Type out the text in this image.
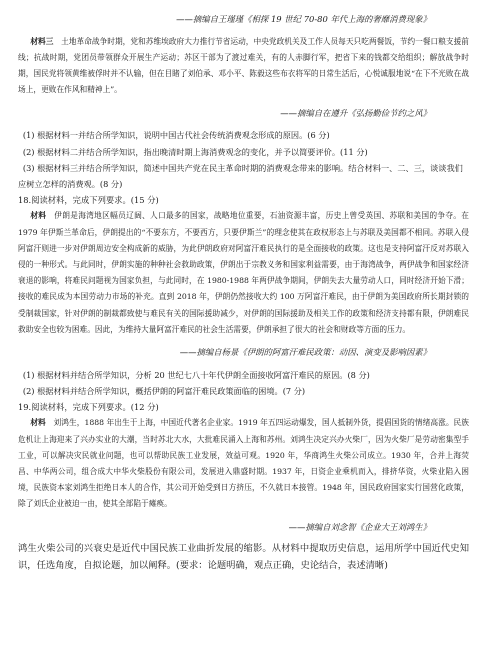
——摘编自王瑾瑾《相探 19 世纪 70-80 年代上海的奢靡消费现象》

材料三　土地革命战争时期，党和苏维埃政府大力推行节省运动，中央党政机关及工作人员每天只吃两餐饭，节约一餐口粮支援前线；抗战时期，党团员带领群众开展生产运动；苏区干部为了渡过难关，有的人赤脚行军，把省下来的钱都交给组织；解放战争时期，国民党将领黄维被俘时并不认输，但在目睹了刘伯承、邓小平、陈毅这些布衣将军的日常生活后，心悦诚服地说“在下不光败在战场上，更败在作风和精神上”。

——摘编自在遵升《弘扬勤俭节约之风》

(1) 根据材料一并结合所学知识，说明中国古代社会传统消费观念形成的原因。(6 分)

(2) 根据材料二并结合所学知识，指出晚清时期上海消费观念的变化，并予以简要评价。(11 分)

(3) 根据材料三并结合所学知识，简述中国共产党在民主革命时期的消费观念带来的影响。结合材料一、二、三，谈谈我们应树立怎样的消费观。(8 分)

18.阅读材料，完成下列要求。(15 分)

材料　伊朗是海湾地区幅员辽阔、人口最多的国家，战略地位重要，石油资源丰富，历史上曾受英国、苏联和美国的争夺。在 1979 年伊斯兰革命后，伊朗提出的“不要东方，不要西方，只要伊斯兰”的理念使其在政权形态上与苏联及美国都不相同。苏联入侵阿富汗则进一步对伊朗周边安全构成新的威胁，为此伊朗政府对阿富汗难民执行的是全面接收的政策。这也是支持阿富汗反对苏联入侵的一种形式。与此同时，伊朗实施的种种社会救助政策，伊朗出于宗教义务和国家利益需要，由于海湾战争，两伊战争和国家经济衰退的影响，将难民问题视为国家负担，与此同时，在 1980-1988 年两伊战争期间，伊朗失去大量劳动人口，同时经济开始下滑；接收的难民成为本国劳动力市场的补充。直到 2018 年，伊朗仍然接收大约 100 万阿富汗难民，由于伊朗为美国政府所长期封锁的受制裁国家，针对伊朗的制裁都致使与难民有关的国际援助减少，对伊朗的国际援助及相关工作的政策和经济支持都有限，伊朗难民救助安全也较为困难。因此，为维持大量阿富汗难民的社会生活需要，伊朗承担了很大的社会和财政等方面的压力。

——摘编自杨景《伊朗的阿富汗难民政策：动因、演变及影响因素》

(1) 根据材料并结合所学知识，分析 20 世纪七八十年代伊朗全面接收阿富汗难民的原因。(8 分)

(2) 根据材料并结合所学知识，概括伊朗的阿富汗难民政策面临的困境。(7 分)

19.阅读材料，完成下列要求。(12 分)

材料　刘鸿生，1888 年出生于上海，中国近代著名企业家。1919 年五四运动爆发，国人抵制外货，提倡国货的情绪高涨。民族危机让上海迎来了兴办实业的大潮，当时苏北大水，大批难民涌入上海和苏州。刘鸿生决定兴办火柴厂，因为火柴厂是劳动密集型手工业，可以解决灾民就业问题，也可以帮助民族工业发展，效益可观。1920 年，华商鸿生火柴公司成立。1930 年，合并上海荧昌、中华两公司，组合成大中华火柴股份有限公司，发展进入鼎盛时期。1937 年，日资企业乘机而入，排挤华资，火柴业陷入困境，民族资本家刘鸿生拒绝日本人的合作，其公司开始受到日方挤压，不久就日本接管。1948 年，国民政府国家实行国营化政策，除了刘氏企业被迫一由，使其全部陷于瘫痪。

——摘编自刘念智《企业大王刘鸿生》

鸿生火柴公司的兴衰史是近代中国民族工业曲折发展的缩影。从材料中提取历史信息，运用所学中国近代史知识，任选角度，自拟论题，加以阐释。(要求：论题明确，观点正确，史论结合，表述清晰)
